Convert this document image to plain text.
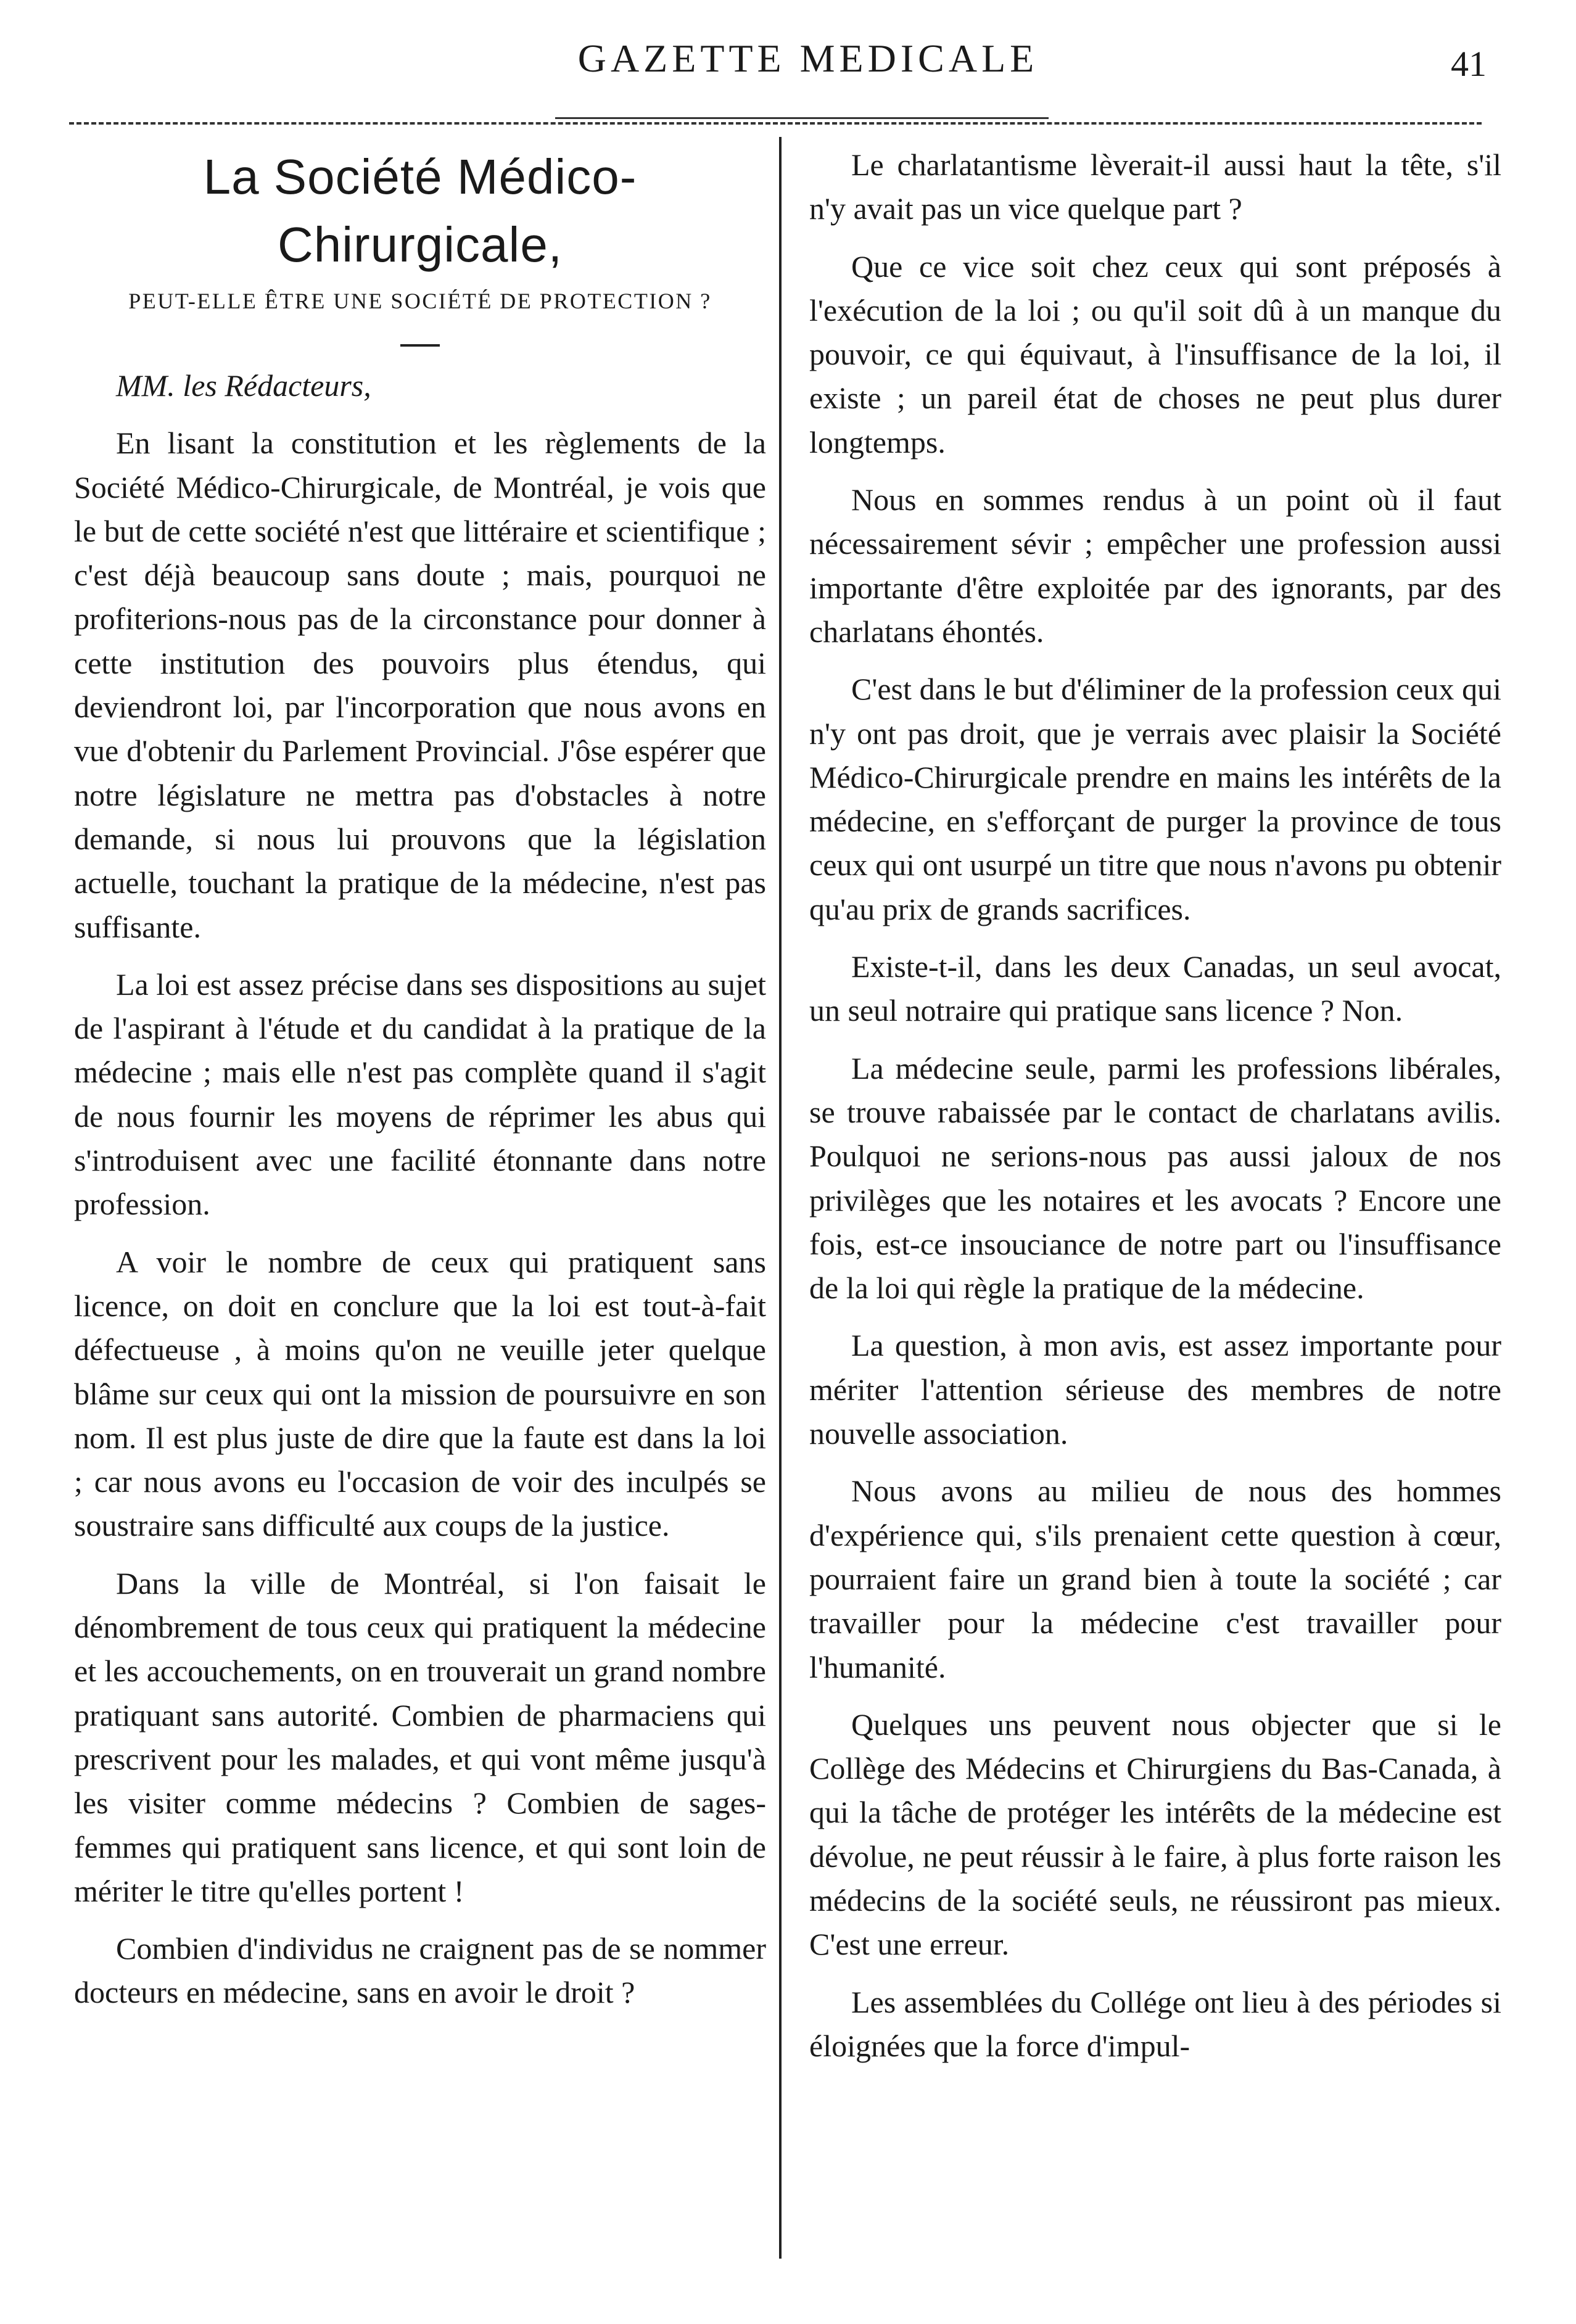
GAZETTE MEDICALE	41
La Société Médico-Chirurgicale,
PEUT-ELLE ÊTRE UNE SOCIÉTÉ DE PROTECTION ?

MM. les Rédacteurs,

En lisant la constitution et les règlements de la Société Médico-Chirurgicale, de Montréal, je vois que le but de cette société n'est que littéraire et scientifique ; c'est déjà beaucoup sans doute ; mais, pourquoi ne profiterions-nous pas de la circonstance pour donner à cette institution des pouvoirs plus étendus, qui deviendront loi, par l'incorporation que nous avons en vue d'obtenir du Parlement Provincial. J'ôse espérer que notre législature ne mettra pas d'obstacles à notre demande, si nous lui prouvons que la législation actuelle, touchant la pratique de la médecine, n'est pas suffisante.

La loi est assez précise dans ses dispositions au sujet de l'aspirant à l'étude et du candidat à la pratique de la médecine ; mais elle n'est pas complète quand il s'agit de nous fournir les moyens de réprimer les abus qui s'introduisent avec une facilité étonnante dans notre profession.

A voir le nombre de ceux qui pratiquent sans licence, on doit en conclure que la loi est tout-à-fait défectueuse , à moins qu'on ne veuille jeter quelque blâme sur ceux qui ont la mission de poursuivre en son nom. Il est plus juste de dire que la faute est dans la loi ; car nous avons eu l'occasion de voir des inculpés se soustraire sans difficulté aux coups de la justice.

Dans la ville de Montréal, si l'on faisait le dénombrement de tous ceux qui pratiquent la médecine et les accouchements, on en trouverait un grand nombre pratiquant sans autorité. Combien de pharmaciens qui prescrivent pour les malades, et qui vont même jusqu'à les visiter comme médecins ? Combien de sages-femmes qui pratiquent sans licence, et qui sont loin de mériter le titre qu'elles portent !

Combien d'individus ne craignent pas de se nommer docteurs en médecine, sans en avoir le droit ?

Le charlatantisme lèverait-il aussi haut la tête, s'il n'y avait pas un vice quelque part ?

Que ce vice soit chez ceux qui sont préposés à l'exécution de la loi ; ou qu'il soit dû à un manque du pouvoir, ce qui équivaut, à l'insuffisance de la loi, il existe ; un pareil état de choses ne peut plus durer longtemps.

Nous en sommes rendus à un point où il faut nécessairement sévir ; empêcher une profession aussi importante d'être exploitée par des ignorants, par des charlatans éhontés.

C'est dans le but d'éliminer de la profession ceux qui n'y ont pas droit, que je verrais avec plaisir la Société Médico-Chirurgicale prendre en mains les intérêts de la médecine, en s'efforçant de purger la province de tous ceux qui ont usurpé un titre que nous n'avons pu obtenir qu'au prix de grands sacrifices.

Existe-t-il, dans les deux Canadas, un seul avocat, un seul notraire qui pratique sans licence ? Non.

La médecine seule, parmi les professions libérales, se trouve rabaissée par le contact de charlatans avilis. Poulquoi ne serions-nous pas aussi jaloux de nos privilèges que les notaires et les avocats ? Encore une fois, est-ce insouciance de notre part ou l'insuffisance de la loi qui règle la pratique de la médecine.

La question, à mon avis, est assez importante pour mériter l'attention sérieuse des membres de notre nouvelle association.

Nous avons au milieu de nous des hommes d'expérience qui, s'ils prenaient cette question à cœur, pourraient faire un grand bien à toute la société ; car travailler pour la médecine c'est travailler pour l'humanité.

Quelques uns peuvent nous objecter que si le Collège des Médecins et Chirurgiens du Bas-Canada, à qui la tâche de protéger les intérêts de la médecine est dévolue, ne peut réussir à le faire, à plus forte raison les médecins de la société seuls, ne réussiront pas mieux. C'est une erreur.

Les assemblées du Collége ont lieu à des périodes si éloignées que la force d'impul-
